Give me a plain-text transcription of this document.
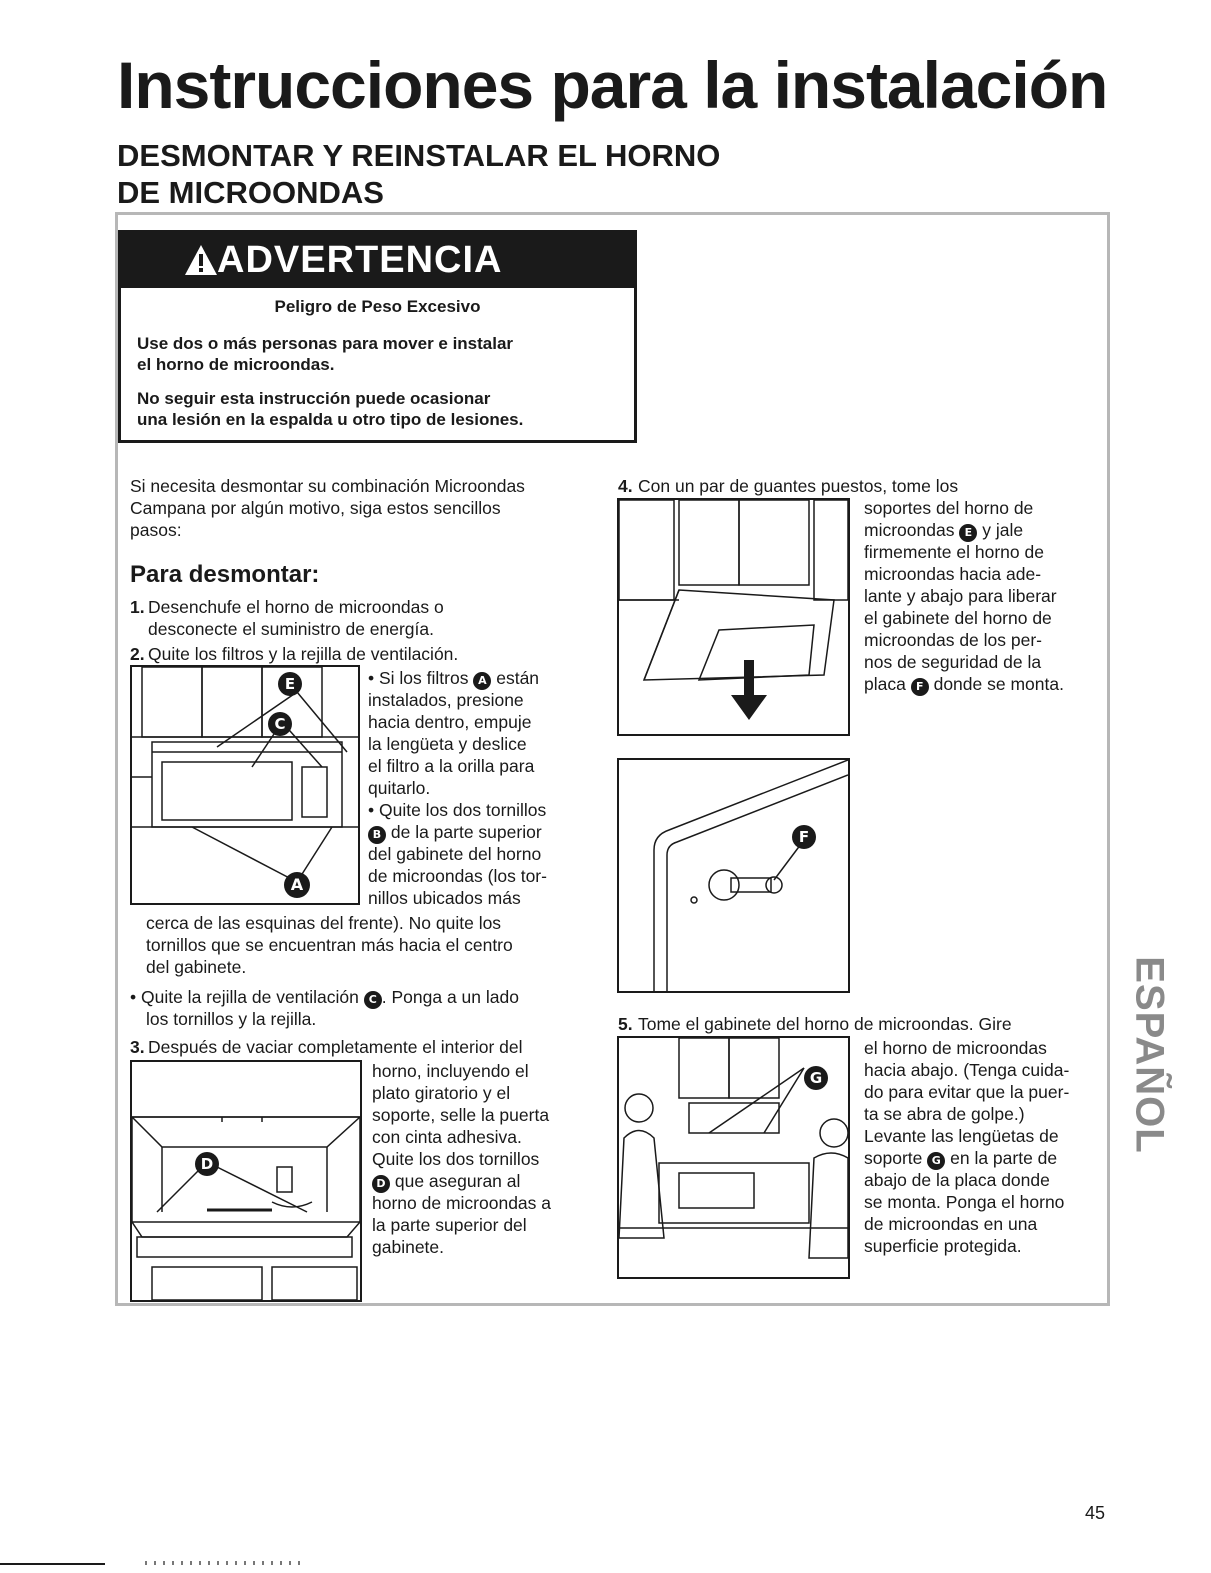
Instrucciones para la instalación
DESMONTAR Y REINSTALAR EL HORNO
DE MICROONDAS
ADVERTENCIA

Peligro de Peso Excesivo

Use dos o más personas para mover e instalar

el horno de microondas.

No seguir esta instrucción puede ocasionar

una lesión en la espalda u otro tipo de lesiones.

Si necesita desmontar su combinación Microondas
Campana por algún motivo, siga estos sencillos
pasos:
Para desmontar:
1. Desenchufe el horno de microondas o
desconecte el suministro de energía.
2. Quite los filtros y la rejilla de ventilación.
E
C
A
• Si los filtros A están
instalados, presione
hacia dentro, empuje
la lengüeta y deslice
el filtro a la orilla para
quitarlo.
• Quite los dos tornillos
B de la parte superior
del gabinete del horno
de microondas (los tor-
nillos ubicados más
cerca de las esquinas del frente). No quite los
tornillos que se encuentran más hacia el centro
del gabinete.
• Quite la rejilla de ventilación C . Ponga a un lado
los tornillos y la rejilla.
3. Después de vaciar completamente el interior del
D
horno, incluyendo el
plato giratorio y el
soporte, selle la puerta
con cinta adhesiva.
Quite los dos tornillos
D que aseguran al
horno de microondas a
la parte superior del
gabinete.
4. Con un par de guantes puestos, tome los
F
soportes del horno de
microondas E y jale
firmemente el horno de
microondas hacia ade-
lante y abajo para liberar
el gabinete del horno de
microondas de los per-
nos de seguridad de la
placa F donde se monta.
5. Tome el gabinete del horno de microondas. Gire
G
el horno de microondas
hacia abajo. (Tenga cuida-
do para evitar que la puer-
ta se abra de golpe.)
Levante las lengüetas de
soporte G en la parte de
abajo de la placa donde
se monta. Ponga el horno
de microondas en una
superficie protegida.
ESPAÑOL
45
